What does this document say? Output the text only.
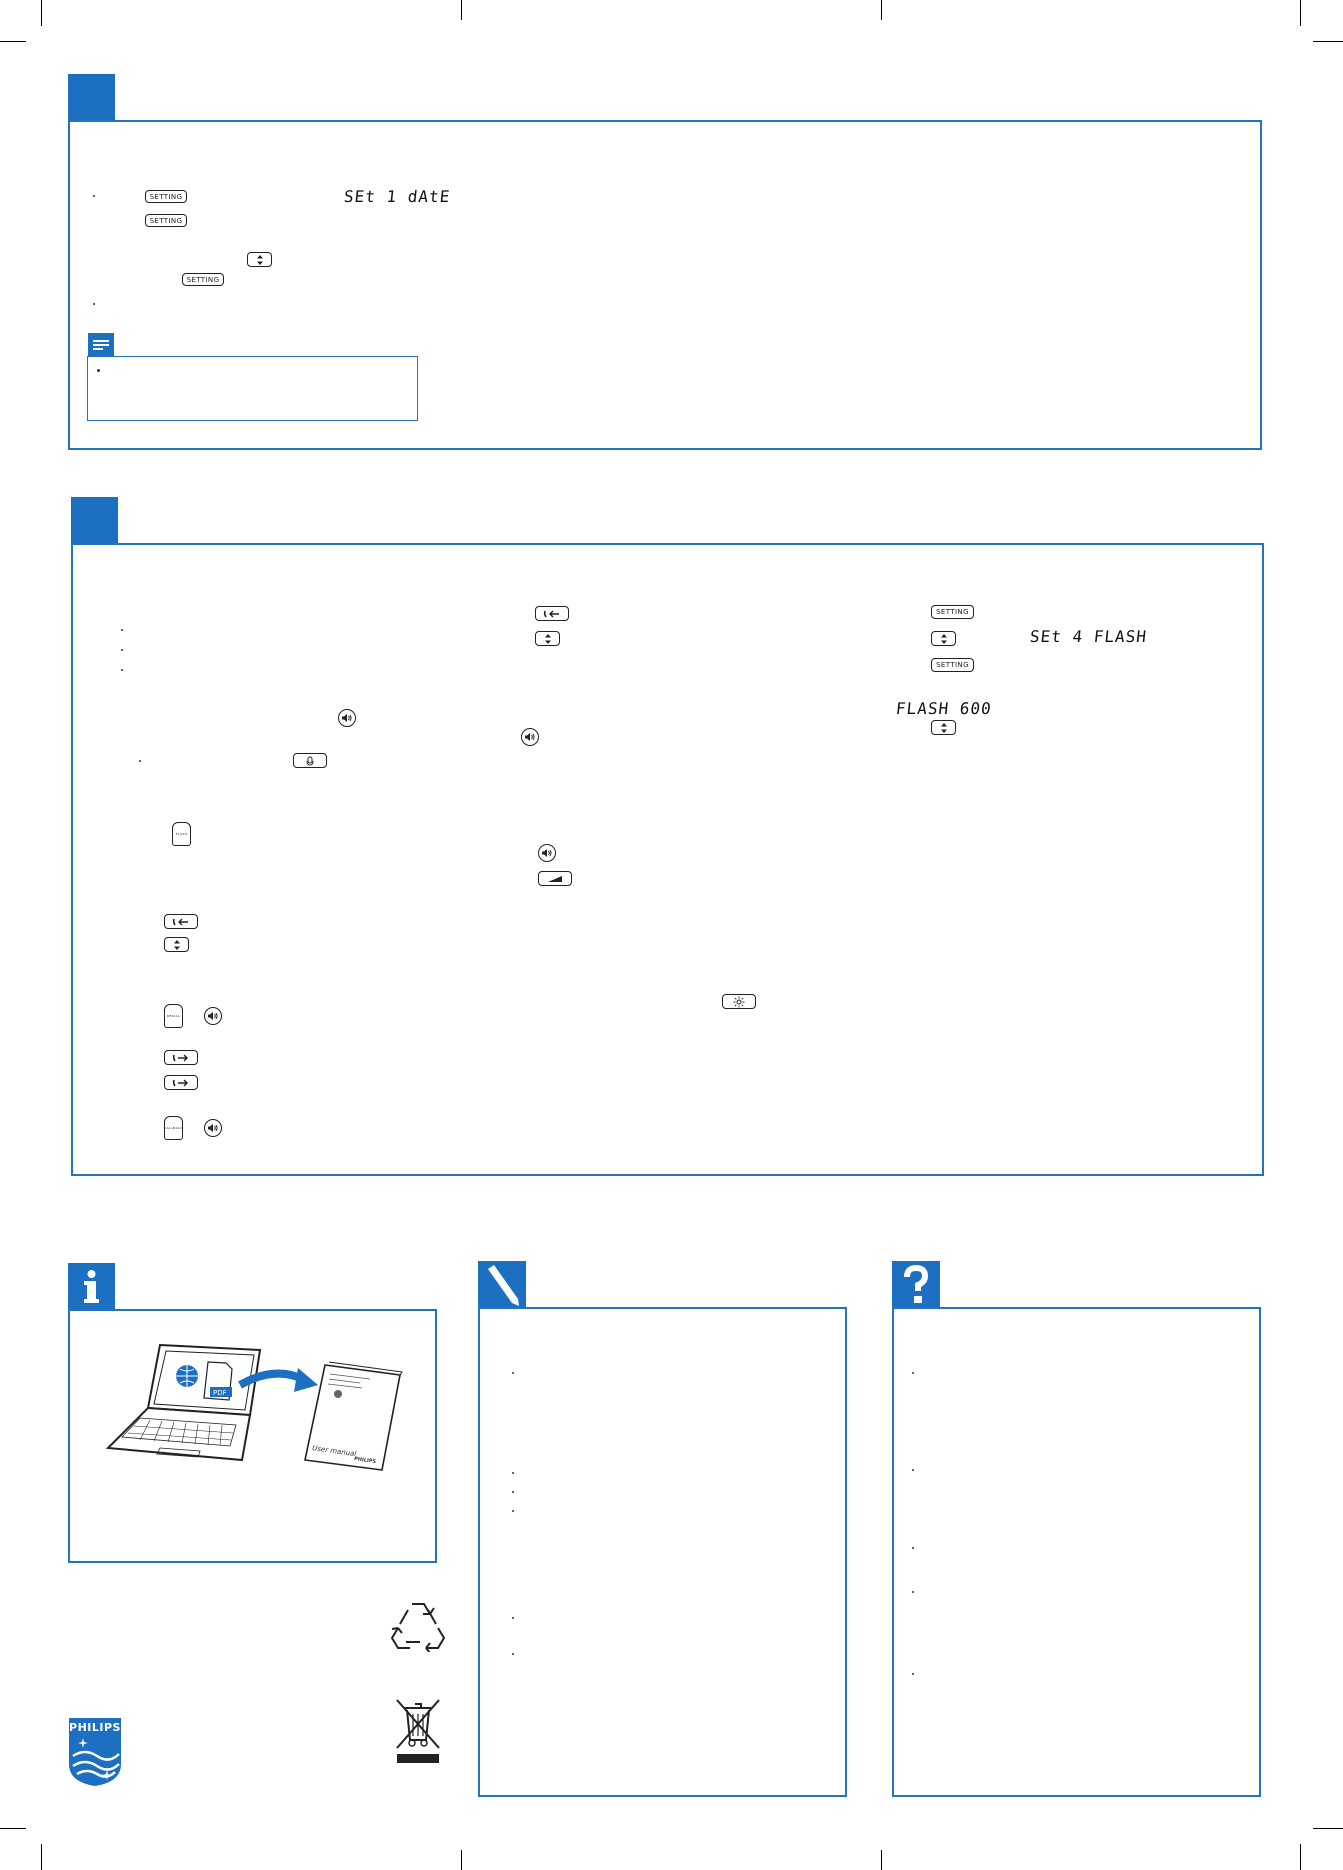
SETTING	SEt 1 dAtE
SETTING
SETTING
FLASH
REDIAL
CALLBACK
SETTING
SEt 4 FLASH
SETTING
FLASH 600
PDF
User manual
PHILIPS
PHILIPS
